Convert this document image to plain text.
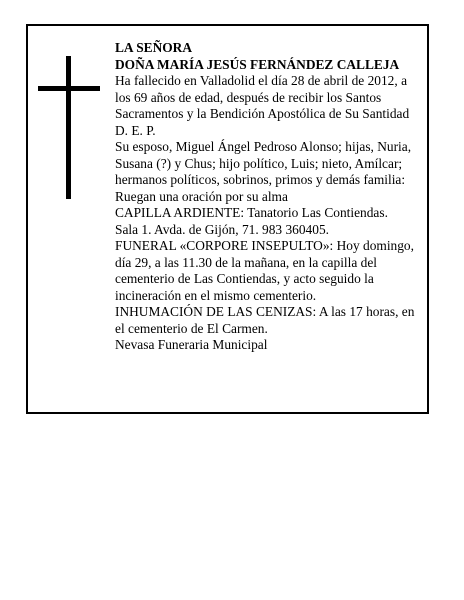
LA SEÑORA
DOÑA MARÍA JESÚS FERNÁNDEZ CALLEJA
Ha fallecido en Valladolid el día 28 de abril de 2012, a
los 69 años de edad, después de recibir los Santos
Sacramentos y la Bendición Apostólica de Su Santidad
D. E. P.
Su esposo, Miguel Ángel Pedroso Alonso; hijas, Nuria,
Susana (?) y Chus; hijo político, Luis; nieto, Amílcar;
hermanos políticos, sobrinos, primos y demás familia:
Ruegan una oración por su alma
CAPILLA ARDIENTE: Tanatorio Las Contiendas.
Sala 1. Avda. de Gijón, 71. 983 360405.
FUNERAL «CORPORE INSEPULTO»: Hoy domingo,
día 29, a las 11.30 de la mañana, en la capilla del
cementerio de Las Contiendas, y acto seguido la
incineración en el mismo cementerio.
INHUMACIÓN DE LAS CENIZAS: A las 17 horas, en
el cementerio de El Carmen.
Nevasa Funeraria Municipal
